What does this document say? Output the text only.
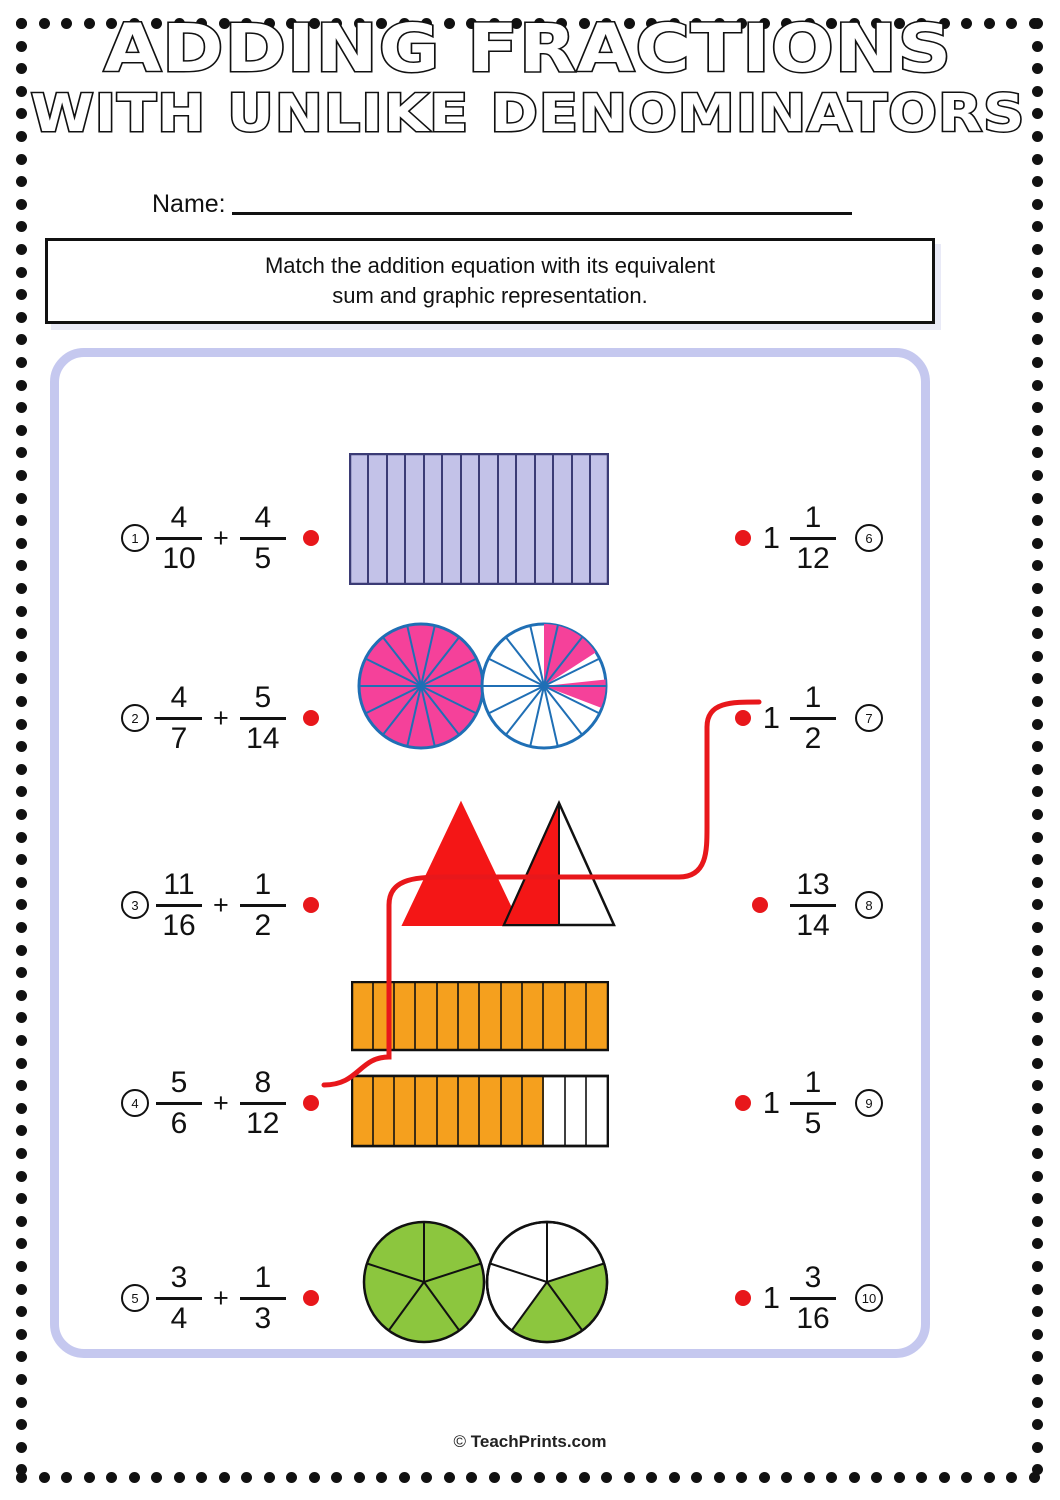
ADDING FRACTIONS
WITH UNLIKE DENOMINATORS
Name:
Match the addition equation with its equivalent
sum and graphic representation.
$1 \frac{4}{10} + \frac{4}{5}$
$2 \frac{4}{7} + \frac{5}{14}$
$3 \frac{11}{16} + \frac{1}{2}$
$4 \frac{5}{6} + \frac{8}{12}$
$5 \frac{3}{4} + \frac{1}{3}$
$1 \frac{1}{12}$	6
$1 \frac{1}{2}$	7
$\frac{13}{14}$	8
$1 \frac{1}{5}$	9
$1 \frac{3}{16}$	10
© TeachPrints.com
